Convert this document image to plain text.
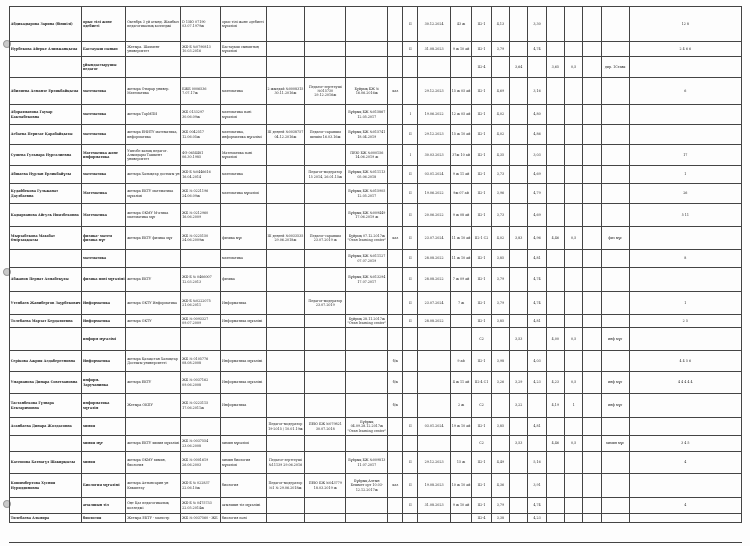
Абдикадырова Зарина (біншілі)	орыс тілі және әдебиеті	Октябрь 3 үй атынд. Жамбыл педагогикалық колледжі	D 15Ю 07190 03.07.1979ж	орыс тілі және әдебиеті мұғалімі					II	30.12.2024	43 ж	II2-1	4,13		3,30					12 8
Нурбекова Айерке Алимжанқызы	Бастауыш сынып	Жетыра. Шахмент университет	ЖБ-Б №0790813 10.03.2016	Бастауыш сыныптың мұғалімі					II	31.08.2023	9 ж 10 ай	II2-1	3,79		4,74					2 4 6 6
	ұйымдастырушы педагог											II2-4		3,64		3,65	0,5		дир. 1Ставк	
Абилиева Алманзе Ерликбайқызы	математика	жетыра Отырар универ. Математика	БЖБ 0006536 7.07.17ж	математика	2 жылдай №0008315 30.11.2016ж	Педагог-зерттеуші №015730 29.12.2016ж	Бұйрық БЖ № 16.06.2016ж	каз		29.12.2023	15 ж 05 ай	II2-1	4,69		3,16					6
Абдрахманова Гаухар Бактыбековна	математика	жетыра ТарМПИ	ЖБ 0133297 30.06.09ж	математика пәні мұғалімі			Бұйрық БЖ №015867 12.05.2017		I	19.06.2022	12 ж 05 ай	II2-1	4,02		4,80					
Агбаева Перизат Қарабайқызы	математика	жетыра ЕНИТУ математика, информатика	ЖБ 0042517 12.06.05ж	математика, информатика мұғалімі	III деңгей №0038757 04.12.2016ж	Педагог-сарапшы шешім 16.03.16ж	Бұйрық БЖ №015741 18.04.2019		II	29.12.2023	15 ж 10 ай	II2-1	4,02		4,86					
Сушева Гульнара Нургалиевна	Математика және информатика	Уштобе халық педагог. Алымдары Ташкент университет	ФЭ 0654481 06.30.1985	Математика пәні мұғалімі			ПЕЮ БЖ №000156 14.06.2019 ж		I	30.03.2023	37ж 10 ай	II2-1	4,35		3,03					17
Абшаева Нурлан Ерликбайұлы	математика	жетыра Халықтар достығы ун	ЖБ-Б №0446616 16.04.2014	математика		Педагог-модератор 15 2014, 26.01.15ж	Бұйрық БЖ №011113 05.06.2018		II	03.01.2024	9 ж 11 ай	II2-1	3,73		4,69					1
Кудайбекова Гульжанат Даулбаевна	Математика	жетыра ЕКТУ математика мұғалімі	ЖБ № 0221196 24.06.09ж	математика мұғалімі			Бұйрық БЖ №015905 12.05.2017		II	19.06.2022	9ж 07 ай	II2-1	3,96		4,79					26
Кадырханова Айгуль Ниязбековна	Математика	жетыра ОКМУ М-атика математика мұғ	ЖБ № 0212960 16.06.2009				Бұйрық БЖ №009449 17.06.2019 ж		II	20.06.2022	9 ж 08 ай	II2-1	3,73		4,69					5 11
Мырзабекова Махабат Өмірзаққызы	физика- матем физика мұғ	жетыра ЕКТУ физика мұғ	ЖБ № 0225150 24.06.2009ж	физика мұғ	III деңгей №0033535 29.06.2018ж	Педагог-сарапшы 23.07.2019 ж	Бұйрық 07.12.2017ж "Отан learning center"	каз	II	23.07.2024	11 ж 10 ай	II2-1 С2	4,02	3,83	4,96	4,46	0,5		физ мұғ	
	математика			математика			Бұйрық БЖ №011127 07.07.2019		II	28.08.2022	11 ж 10 ай	II2-1	3,85		4,81					8
Абжанов Пернат Алмабекұлы	физика пәні мұғалімі	жетыра ЕКТУ	ЖБ-Б № 0466007 12.03.2013	физика			Бұйрық БЖ №013294 17.07.2017		II	28.08.2022	7 ж 09 ай	II2-1	3,79		4,74					
Утепбаев Жанибергов Заурбекович	Информатика	жетыра ОКТУ Информатика	ЖБ-Б №0222075 21.06.2011	Информатика		Педагог-модератор 23.07.2019			II	23.07.2024	7 ж	II2-1	3,79		4,74					1
Толебаева Марзат Бердалиевна	Информатика	жетыра ОКТУ	ЖБ № 0093327 09.07.2009	Информатика мұғалімі			Бұйрық 28.11.2017ж "Отан learning center"		II	28.08.2022		II2-1	3,85		4,81					2 5
	информ мұғалімі											С2		3,53		4,00	0,5		инф мұғ	
Серікова Ажрия Алдабергеновна	Информатика	жетыра Қазақстан Халықтар Достығы университеті	ЖБ № 0105776 08.08.2008	Информатика мұғалімі				б/к			9 ай	II2-1	3,98		4,03					4 4 5 6
Умарханова Динара Советхановна	информ. Заручанинка	жетыра ЕКТУ	ЖБ № 0037162 09.06.2008	Информатика мұғалімі				б/к			4 ж 11 ай	II2-4 С1	3,26	3,29	4,23	4,23	0,5		инф мұғ	4 4 4 4 4
Тастанбекова Гүлнара Бектаримовна	информатика мұғалім	Жетыра ОКПУ	ЖБ № 0223115 17.06.2011ж	Информатика				б/к			2 ж	С2		3,22		4,19	1		инф мұғ	
Асанбаева Динара Жолдасовна	химия				Педагог-модератор 19-2015 / 10.01.19ж	ПЕЮ БЖ №079821 30.07.2018	Бұйрық 04.09.28.12.2017ж "Отан learning center"		II	03.01.2024	19 ж 10 ай	II2-1	3,85		4,81					
	химия мұғ	жетыра ЕКТУ химия мұғалімі	ЖБ № 0037554 23.06.2008	химия мұғалімі								С2		3,53		4,46	0,5		химия мұғ	3 4 5
Катешова Батнагүл Шакирқызы	химия	жетыра ОКМУ химия, биология	ЖБ № 0001619 26.06.2003	химия биология мұғалімі	Педагог-зерттеуші №11139 29.06.2016		Бұйрық БЖ №009813 11.07.2017		II	29.12.2023	15 ж	II2-1	4,49		5,16					4
Кошимбертова Хусния Нуриддиновна	Биология мұғалімі	жетыра Алтынсарин ун Көкшетау	ЖБ-Б № 022837 22.06.10ж	биология	Педагог-модератор №1 № 29.06.2018ж	ПЕЮ БЖ №043779 18.03.2019 ж	Бұйрық Алтын Бешмет орт 10.03-12.12.2017ж	каз	II	19.08.2023	10 ж 10 ай	II2-1	4,36		3,91					
	ағылшын тіл	Оңт Қаз педагогикалық колледжі	ЖБ-Б № 0475733 22.05.2014ж	ағылшын тіл мұғалімі					II	31.08.2023	9 ж 10 ай	II2-1	3,79		4,74					4
Тилебаева Альмира	биология	Жетыра ЕКТУ - магистр	ЖБ № 0037560 - ЖБ	биология пәні								II2-4	3,38		4,23					
